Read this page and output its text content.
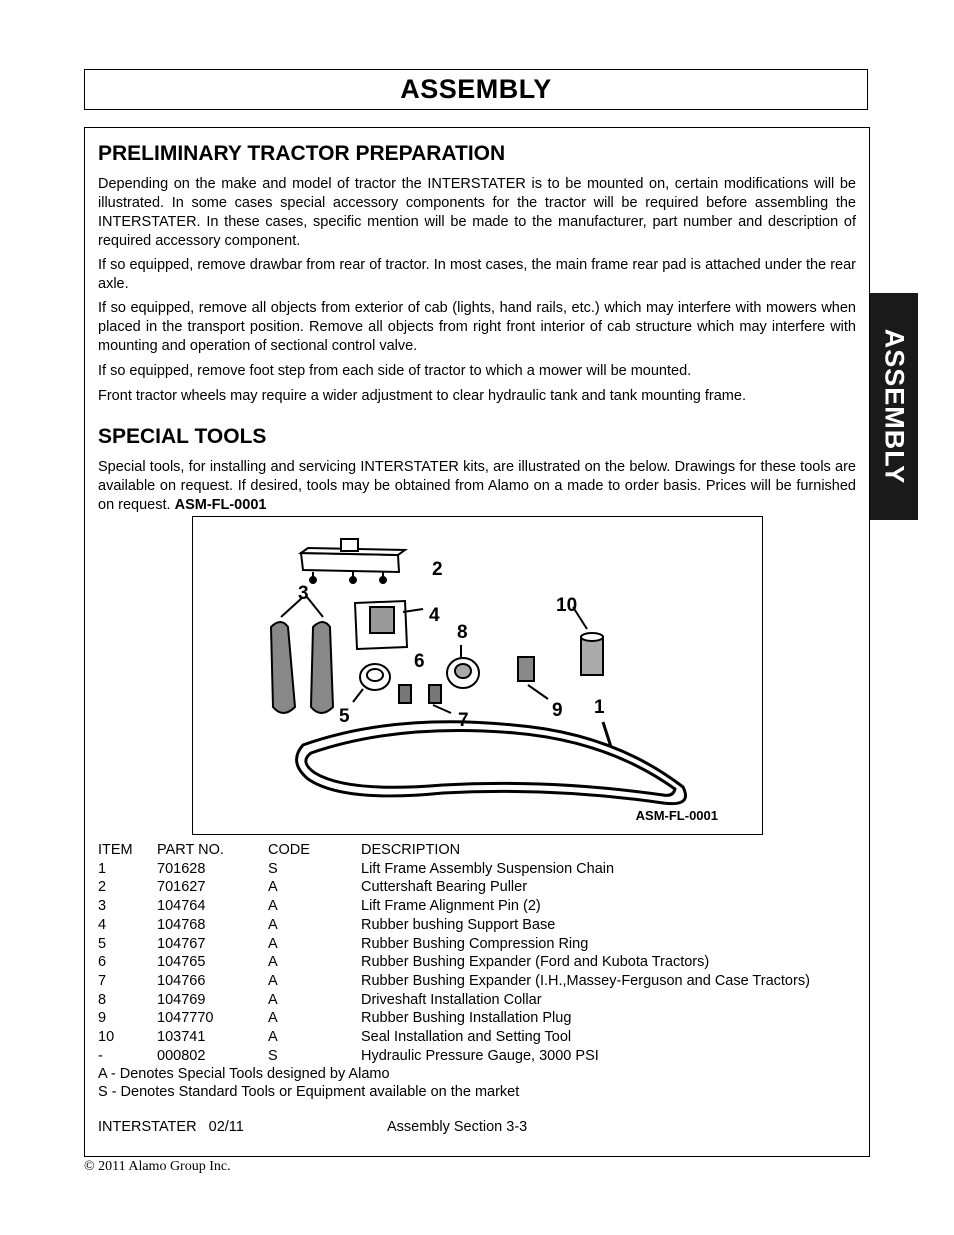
ASSEMBLY
ASSEMBLY
PRELIMINARY TRACTOR PREPARATION

Depending on the make and model of tractor the INTERSTATER is to be mounted on, certain modifications will be illustrated. In some cases special accessory components for the tractor will be required before assembling the INTERSTATER. In these cases, specific mention will be made to the manufacturer, part number and description of required accessory component.

If so equipped, remove drawbar from rear of tractor. In most cases, the main frame rear pad is attached under the rear axle.

If so equipped, remove all objects from exterior of cab (lights, hand rails, etc.) which may interfere with mowers when placed in the transport position. Remove all objects from right front interior of cab structure which may interfere with mounting and operation of sectional control valve.

If so equipped, remove foot step from each side of tractor to which a mower will be mounted.

Front tractor wheels may require a wider adjustment to clear hydraulic tank and tank mounting frame.

SPECIAL TOOLS

Special tools, for installing and servicing INTERSTATER kits, are illustrated on the below. Drawings for these tools are available on request. If desired, tools may be obtained from Alamo on a made to order basis. Prices will be furnished on request. ASM-FL-0001

2
3
4	10
8
6
5	7	9 1
ASM-FL-0001
ITEM	PART NO.	CODE	DESCRIPTION
1	701628	S	Lift Frame Assembly Suspension Chain
2	701627	A	Cuttershaft Bearing Puller
3	104764	A	Lift Frame Alignment Pin (2)
4	104768	A	Rubber bushing Support Base
5	104767	A	Rubber Bushing Compression Ring
6	104765	A	Rubber Bushing Expander (Ford and Kubota Tractors)
7	104766	A	Rubber Bushing Expander (I.H.,Massey-Ferguson and Case Tractors)
8	104769	A	Driveshaft Installation Collar
9	1047770	A	Rubber Bushing Installation Plug
10	103741	A	Seal Installation and Setting Tool
-	000802	S	Hydraulic Pressure Gauge, 3000 PSI
A - Denotes Special Tools designed by Alamo
S - Denotes Standard Tools or Equipment available on the market
INTERSTATER   02/11	Assembly Section 3-3
© 2011 Alamo Group Inc.
